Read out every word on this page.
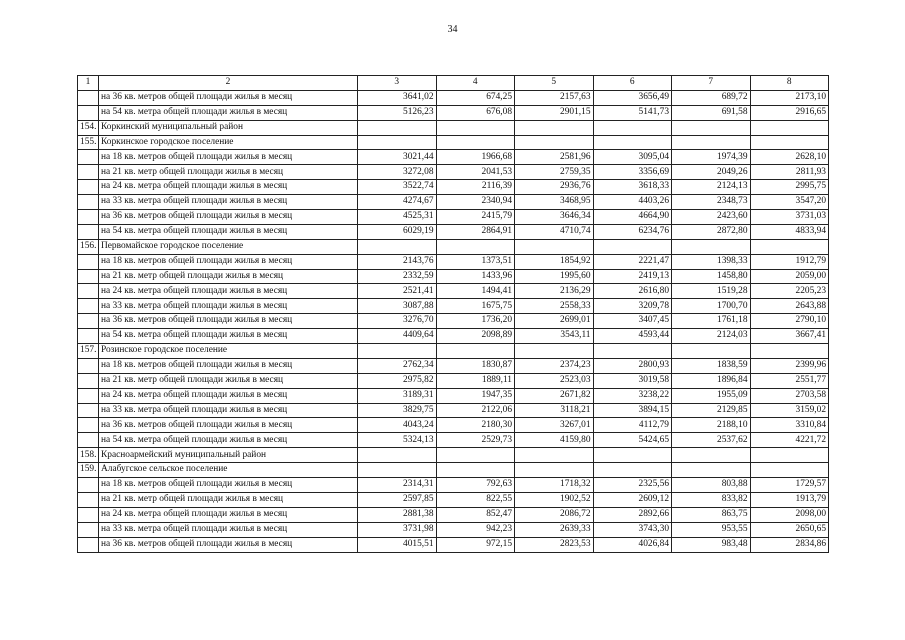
34
1	2	3	4	5	6	7	8
	на 36 кв. метров общей площади жилья в месяц	3641,02	674,25	2157,63	3656,49	689,72	2173,10
	на 54 кв. метра общей площади жилья в месяц	5126,23	676,08	2901,15	5141,73	691,58	2916,65
154.	Коркинский муниципальный район						
155.	Коркинское городское поселение						
	на 18 кв. метров общей площади жилья в месяц	3021,44	1966,68	2581,96	3095,04	1974,39	2628,10
	на 21 кв. метр общей площади жилья в месяц	3272,08	2041,53	2759,35	3356,69	2049,26	2811,93
	на 24 кв. метра общей площади жилья в месяц	3522,74	2116,39	2936,76	3618,33	2124,13	2995,75
	на 33 кв. метра общей площади жилья в месяц	4274,67	2340,94	3468,95	4403,26	2348,73	3547,20
	на 36 кв. метров общей площади жилья в месяц	4525,31	2415,79	3646,34	4664,90	2423,60	3731,03
	на 54 кв. метра общей площади жилья в месяц	6029,19	2864,91	4710,74	6234,76	2872,80	4833,94
156.	Первомайское городское поселение						
	на 18 кв. метров общей площади жилья в месяц	2143,76	1373,51	1854,92	2221,47	1398,33	1912,79
	на 21 кв. метр общей площади жилья в месяц	2332,59	1433,96	1995,60	2419,13	1458,80	2059,00
	на 24 кв. метра общей площади жилья в месяц	2521,41	1494,41	2136,29	2616,80	1519,28	2205,23
	на 33 кв. метра общей площади жилья в месяц	3087,88	1675,75	2558,33	3209,78	1700,70	2643,88
	на 36 кв. метров общей площади жилья в месяц	3276,70	1736,20	2699,01	3407,45	1761,18	2790,10
	на 54 кв. метра общей площади жилья в месяц	4409,64	2098,89	3543,11	4593,44	2124,03	3667,41
157.	Розинское городское поселение						
	на 18 кв. метров общей площади жилья в месяц	2762,34	1830,87	2374,23	2800,93	1838,59	2399,96
	на 21 кв. метр общей площади жилья в месяц	2975,82	1889,11	2523,03	3019,58	1896,84	2551,77
	на 24 кв. метра общей площади жилья в месяц	3189,31	1947,35	2671,82	3238,22	1955,09	2703,58
	на 33 кв. метра общей площади жилья в месяц	3829,75	2122,06	3118,21	3894,15	2129,85	3159,02
	на 36 кв. метров общей площади жилья в месяц	4043,24	2180,30	3267,01	4112,79	2188,10	3310,84
	на 54 кв. метра общей площади жилья в месяц	5324,13	2529,73	4159,80	5424,65	2537,62	4221,72
158.	Красноармейский муниципальный район						
159.	Алабугское сельское поселение						
	на 18 кв. метров общей площади жилья в месяц	2314,31	792,63	1718,32	2325,56	803,88	1729,57
	на 21 кв. метр общей площади жилья в месяц	2597,85	822,55	1902,52	2609,12	833,82	1913,79
	на 24 кв. метра общей площади жилья в месяц	2881,38	852,47	2086,72	2892,66	863,75	2098,00
	на 33 кв. метра общей площади жилья в месяц	3731,98	942,23	2639,33	3743,30	953,55	2650,65
	на 36 кв. метров общей площади жилья в месяц	4015,51	972,15	2823,53	4026,84	983,48	2834,86
